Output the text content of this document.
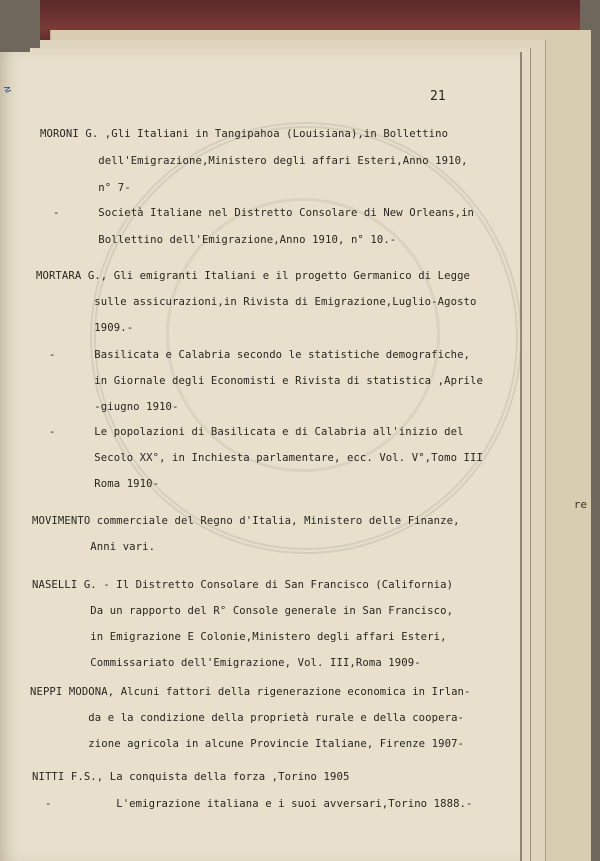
re
≥
21
MORONI G. ,Gli Italiani in Tangipahoa (Louisiana),in Bollettino
dell'Emigrazione,Ministero degli affari Esteri,Anno 1910,
n° 7-
-      Società Italiane nel Distretto Consolare di New Orleans,in
Bollettino dell'Emigrazione,Anno 1910, n° 10.-
MORTARA G., Gli emigranti Italiani e il progetto Germanico di Legge
sulle assicurazioni,in Rivista di Emigrazione,Luglio-Agosto
1909.-
-      Basilicata e Calabria secondo le statistiche demografiche,
in Giornale degli Economisti e Rivista di statistica ,Aprile
-giugno 1910-
-      Le popolazioni di Basilicata e di Calabria all'inizio del
Secolo XX°, in Inchiesta parlamentare, ecc. Vol. V°,Tomo III
Roma 1910-
MOVIMENTO commerciale del Regno d'Italia, Ministero delle Finanze,
Anni vari.
NASELLI G. - Il Distretto Consolare di San Francisco (California)
Da un rapporto del R° Console generale in San Francisco,
in Emigrazione E Colonie,Ministero degli affari Esteri,
Commissariato dell'Emigrazione, Vol. III,Roma 1909-
NEPPI MODONA, Alcuni fattori della rigenerazione economica in Irlan-
da e la condizione della proprietà rurale e della coopera-
zione agricola in alcune Provincie Italiane, Firenze 1907-
NITTI F.S., La conquista della forza ,Torino 1905
-          L'emigrazione italiana e i suoi avversari,Torino 1888.-
